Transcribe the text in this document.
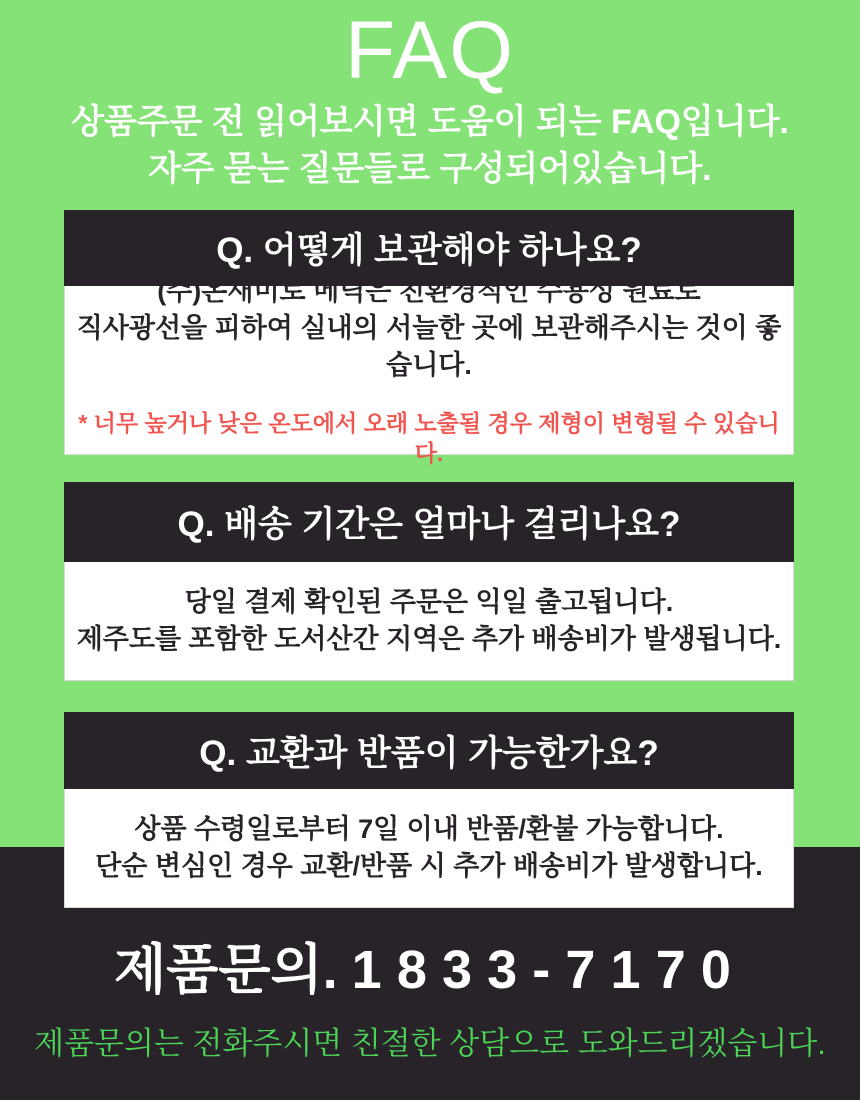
FAQ

상품주문 전 읽어보시면 도움이 되는 FAQ입니다.

자주 묻는 질문들로 구성되어있습니다.

Q. 어떻게 보관해야 하나요?

(주)온새미로 메딕은 친환경적인 수용성 원료로

직사광선을 피하여 실내의 서늘한 곳에 보관해주시는 것이 좋습니다.

* 너무 높거나 낮은 온도에서 오래 노출될 경우 제형이 변형될 수 있습니다.

Q. 배송 기간은 얼마나 걸리나요?

당일 결제 확인된 주문은 익일 출고됩니다.

제주도를 포함한 도서산간 지역은 추가 배송비가 발생됩니다.

Q. 교환과 반품이 가능한가요?

상품 수령일로부터 7일 이내 반품/환불 가능합니다.

단순 변심인 경우 교환/반품 시 추가 배송비가 발생합니다.

제품문의. 1833-7170

제품문의는 전화주시면 친절한 상담으로 도와드리겠습니다.
